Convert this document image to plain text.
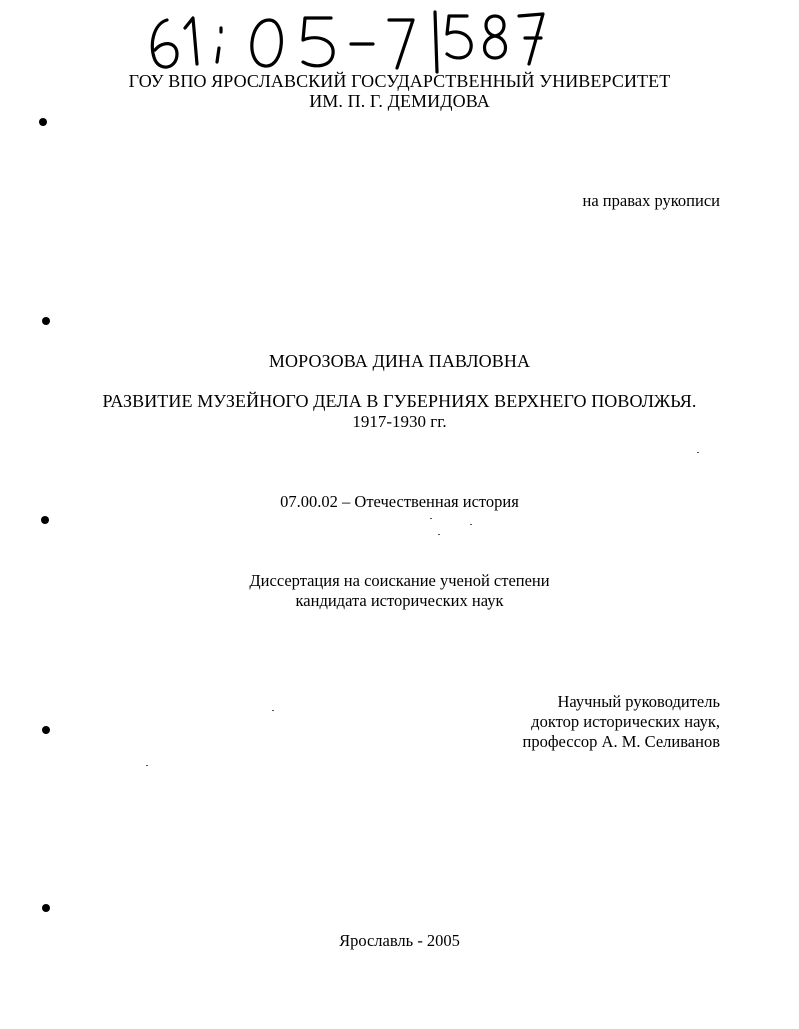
ГОУ ВПО ЯРОСЛАВСКИЙ ГОСУДАРСТВЕННЫЙ УНИВЕРСИТЕТ
ИМ. П. Г. ДЕМИДОВА
на правах рукописи
МОРОЗОВА ДИНА ПАВЛОВНА
РАЗВИТИЕ МУЗЕЙНОГО ДЕЛА В ГУБЕРНИЯХ ВЕРХНЕГО ПОВОЛЖЬЯ.
1917-1930 гг.
07.00.02 – Отечественная история
Диссертация на соискание ученой степени
кандидата исторических наук
Научный руководитель
доктор исторических наук,
профессор А. М. Селиванов
Ярославль - 2005
